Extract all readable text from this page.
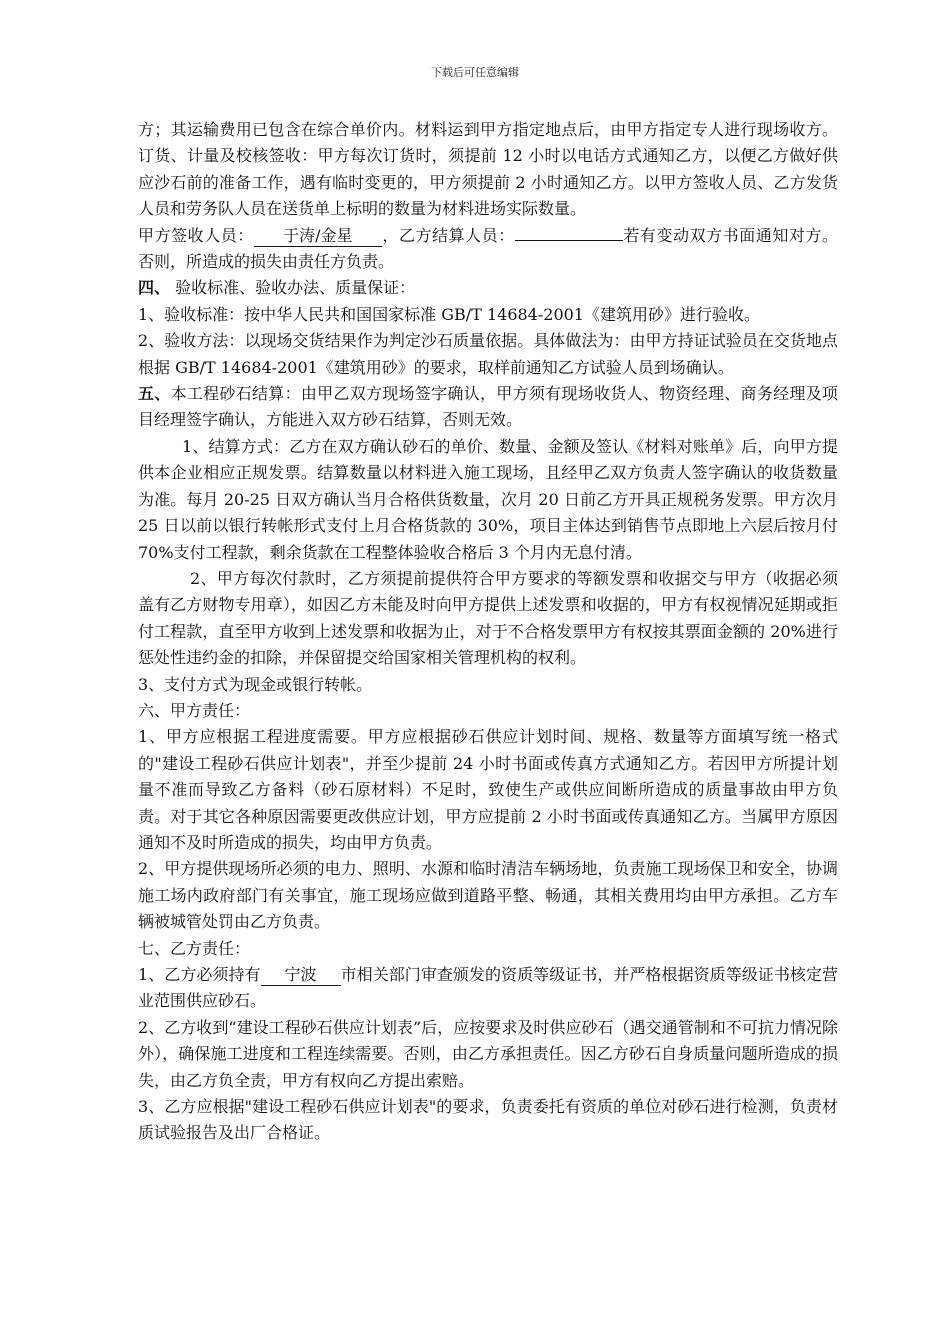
下载后可任意编辑

方；其运输费用已包含在综合单价内。材料运到甲方指定地点后，由甲方指定专人进行现场收方。订货、计量及校核签收：甲方每次订货时，须提前 12 小时以电话方式通知乙方，以便乙方做好供应沙石前的准备工作，遇有临时变更的，甲方须提前 2 小时通知乙方。以甲方签收人员、乙方发货人员和劳务队人员在送货单上标明的数量为材料进场实际数量。

甲方签收人员： 于涛/金星 ，乙方结算人员：	若有变动双方书面通知对方。否则，所造成的损失由责任方负责。

四、 验收标准、验收办法、质量保证：

1、验收标准：按中华人民共和国国家标准 GB/T 14684-2001《建筑用砂》进行验收。

2、验收方法：以现场交货结果作为判定沙石质量依据。具体做法为：由甲方持证试验员在交货地点根据 GB/T 14684-2001《建筑用砂》的要求，取样前通知乙方试验人员到场确认。

五、本工程砂石结算：由甲乙双方现场签字确认，甲方须有现场收货人、物资经理、商务经理及项目经理签字确认，方能进入双方砂石结算，否则无效。

1、结算方式：乙方在双方确认砂石的单价、数量、金额及签认《材料对账单》后，向甲方提供本企业相应正规发票。结算数量以材料进入施工现场，且经甲乙双方负责人签字确认的收货数量为准。每月 20-25 日双方确认当月合格供货数量，次月 20 日前乙方开具正规税务发票。甲方次月 25 日以前以银行转帐形式支付上月合格货款的 30%，项目主体达到销售节点即地上六层后按月付 70%支付工程款，剩余货款在工程整体验收合格后 3 个月内无息付清。

2、甲方每次付款时，乙方须提前提供符合甲方要求的等额发票和收据交与甲方（收据必须盖有乙方财物专用章），如因乙方未能及时向甲方提供上述发票和收据的，甲方有权视情况延期或拒付工程款，直至甲方收到上述发票和收据为止，对于不合格发票甲方有权按其票面金额的 20%进行惩处性违约金的扣除，并保留提交给国家相关管理机构的权利。

3、支付方式为现金或银行转帐。

六、甲方责任：

1、甲方应根据工程进度需要。甲方应根据砂石供应计划时间、规格、数量等方面填写统一格式的"建设工程砂石供应计划表"，并至少提前 24 小时书面或传真方式通知乙方。若因甲方所提计划量不准而导致乙方备料（砂石原材料）不足时，致使生产或供应间断所造成的质量事故由甲方负责。对于其它各种原因需要更改供应计划，甲方应提前 2 小时书面或传真通知乙方。当属甲方原因通知不及时所造成的损失，均由甲方负责。

2、甲方提供现场所必须的电力、照明、水源和临时清洁车辆场地，负责施工现场保卫和安全，协调施工场内政府部门有关事宜，施工现场应做到道路平整、畅通，其相关费用均由甲方承担。乙方车辆被城管处罚由乙方负责。

七、乙方责任：

1、乙方必须持有 宁波 市相关部门审查颁发的资质等级证书，并严格根据资质等级证书核定营业范围供应砂石。

2、乙方收到“建设工程砂石供应计划表”后，应按要求及时供应砂石（遇交通管制和不可抗力情况除外），确保施工进度和工程连续需要。否则，由乙方承担责任。因乙方砂石自身质量问题所造成的损失，由乙方负全责，甲方有权向乙方提出索赔。

3、乙方应根据"建设工程砂石供应计划表"的要求，负责委托有资质的单位对砂石进行检测，负责材质试验报告及出厂合格证。
